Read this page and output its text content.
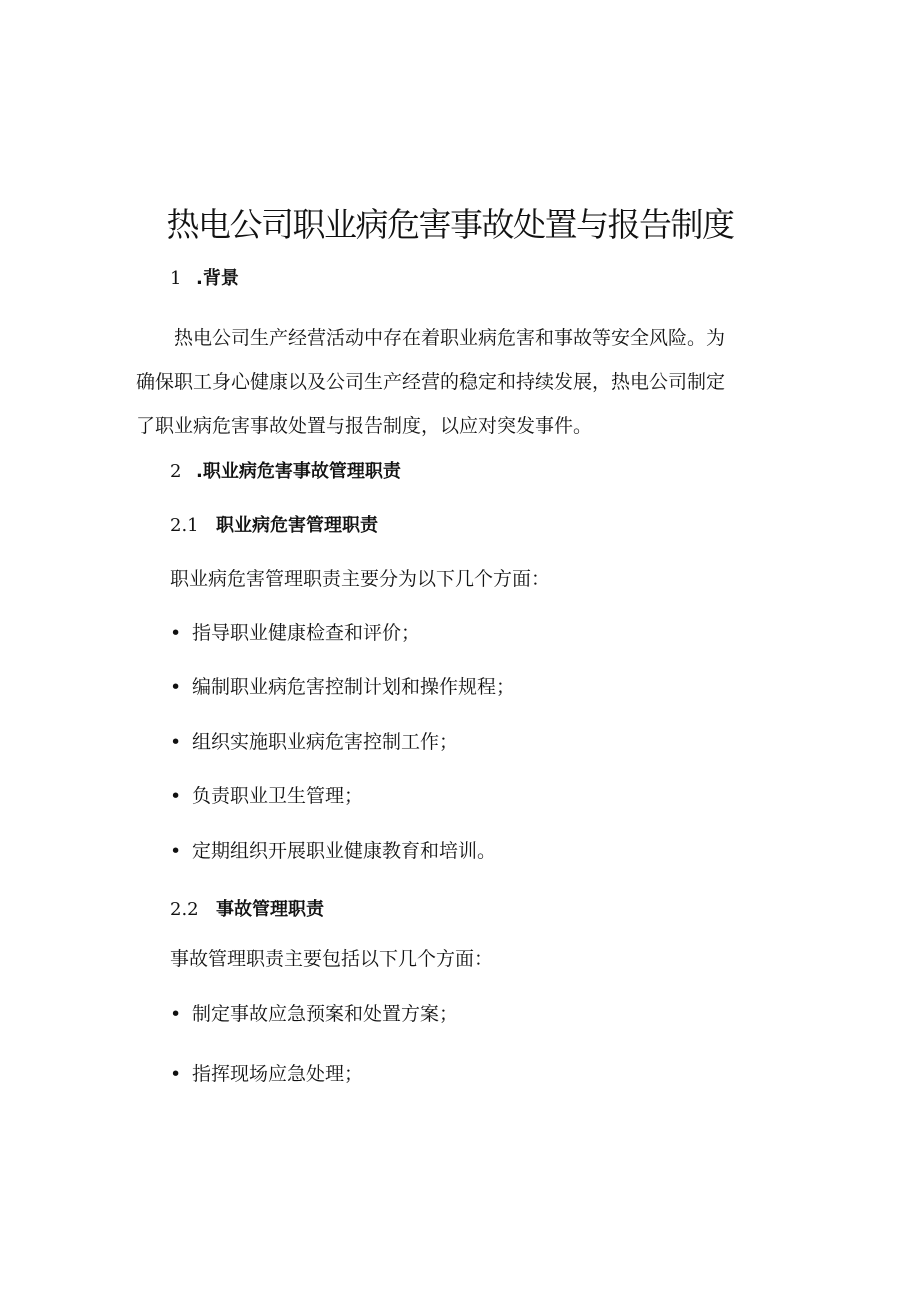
热电公司职业病危害事故处置与报告制度
1 .背景
热电公司生产经营活动中存在着职业病危害和事故等安全风险。为
确保职工身心健康以及公司生产经营的稳定和持续发展，热电公司制定
了职业病危害事故处置与报告制度，以应对突发事件。
2 .职业病危害事故管理职责
2.1 职业病危害管理职责
职业病危害管理职责主要分为以下几个方面：
• 指导职业健康检查和评价；
• 编制职业病危害控制计划和操作规程；
• 组织实施职业病危害控制工作；
• 负责职业卫生管理；
• 定期组织开展职业健康教育和培训。
2.2 事故管理职责
事故管理职责主要包括以下几个方面：
• 制定事故应急预案和处置方案；
• 指挥现场应急处理；
